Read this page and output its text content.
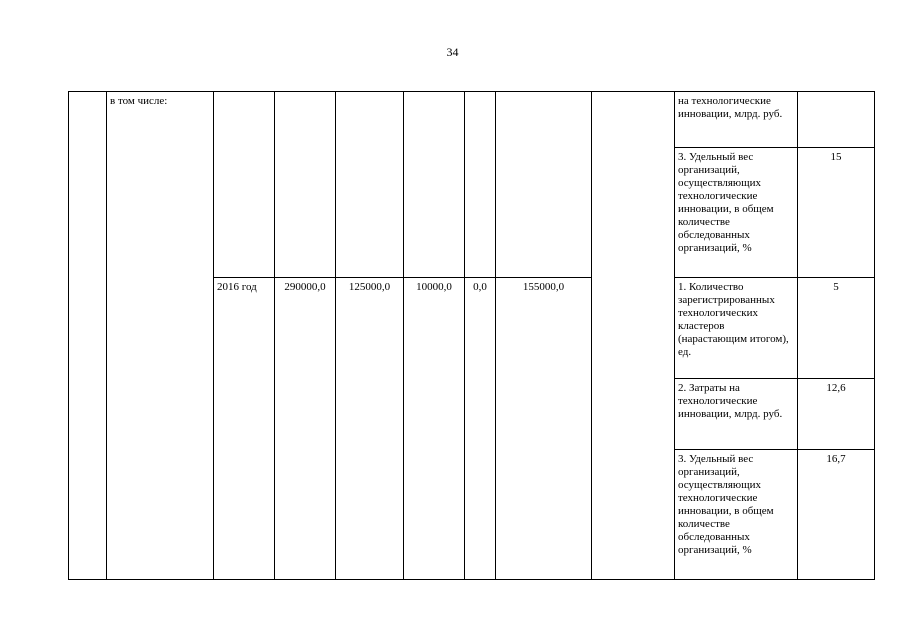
34
	в том числе:								на технологические инновации, млрд. руб.	
									3. Удельный вес организаций, осуществляющих технологические инновации, в общем количестве обследованных организаций, %	15
		2016 год	290000,0	125000,0	10000,0	0,0	155000,0		1. Количество зарегистрированных технологических кластеров (нарастающим итогом), ед.	5
									2. Затраты на технологические инновации, млрд. руб.	12,6
									3. Удельный вес организаций, осуществляющих технологические инновации, в общем количестве обследованных организаций, %	16,7
